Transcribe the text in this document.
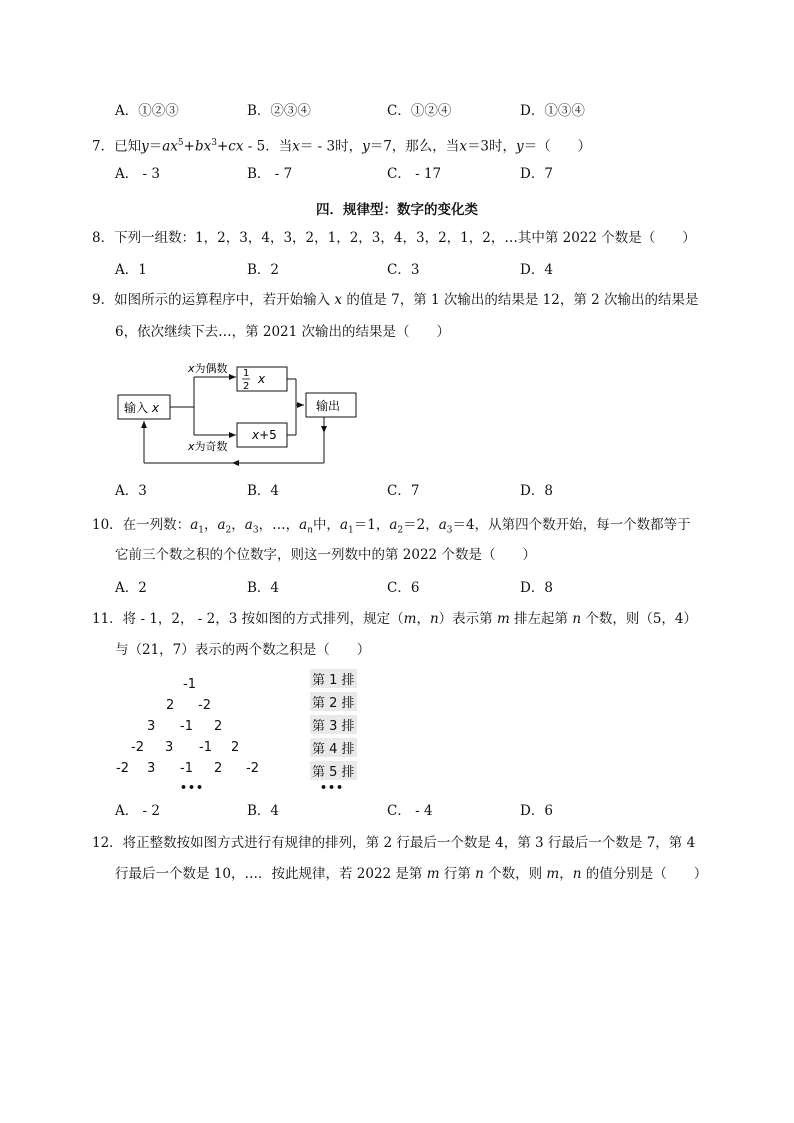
A．①②③	B．②③④	C．①②④	D．①③④
7．已知$y=ax^5+bx^3+cx - 5$．当x＝ - 3时，y＝7，那么，当x＝3时，y＝（　　）
A． - 3	B． - 7	C． - 17	D．7
四．规律型：数字的变化类
8．下列一组数：1，2，3，4，3，2，1，2，3，4，3，2，1，2，…其中第 2022 个数是（　　）
A．1	B．2	C．3	D．4
9．如图所示的运算程序中，若开始输入 x 的值是 7，第 1 次输出的结果是 12，第 2 次输出的结果是
6，依次继续下去…，第 2021 次输出的结果是（　　）
输入 x
x为偶数
x为奇数
1
2
x
x+5
输出
A．3	B．4	C．7	D．8
10．在一列数：$a_1$，$a_2$，$a_3$，…，$a_n$中，$a_1=1$，$a_2=2$，$a_3=4$，从第四个数开始，每一个数都等于
它前三个数之积的个位数字，则这一列数中的第 2022 个数是（　　）
A．2	B．4	C．6	D．8
11．将 - 1，2， - 2，3 按如图的方式排列，规定（m，n）表示第 m 排左起第 n 个数，则（5，4）
与（21，7）表示的两个数之积是（　　）
-1
2 -2
3 -1 2
-2 3 -1 2
-2 3 -1 2 -2
•••
第 1 排
第 2 排
第 3 排
第 4 排
第 5 排
•••
A． - 2	B．4	C． - 4	D．6
12．将正整数按如图方式进行有规律的排列，第 2 行最后一个数是 4，第 3 行最后一个数是 7，第 4
行最后一个数是 10，…．按此规律，若 2022 是第 m 行第 n 个数，则 m，n 的值分别是（　　）
